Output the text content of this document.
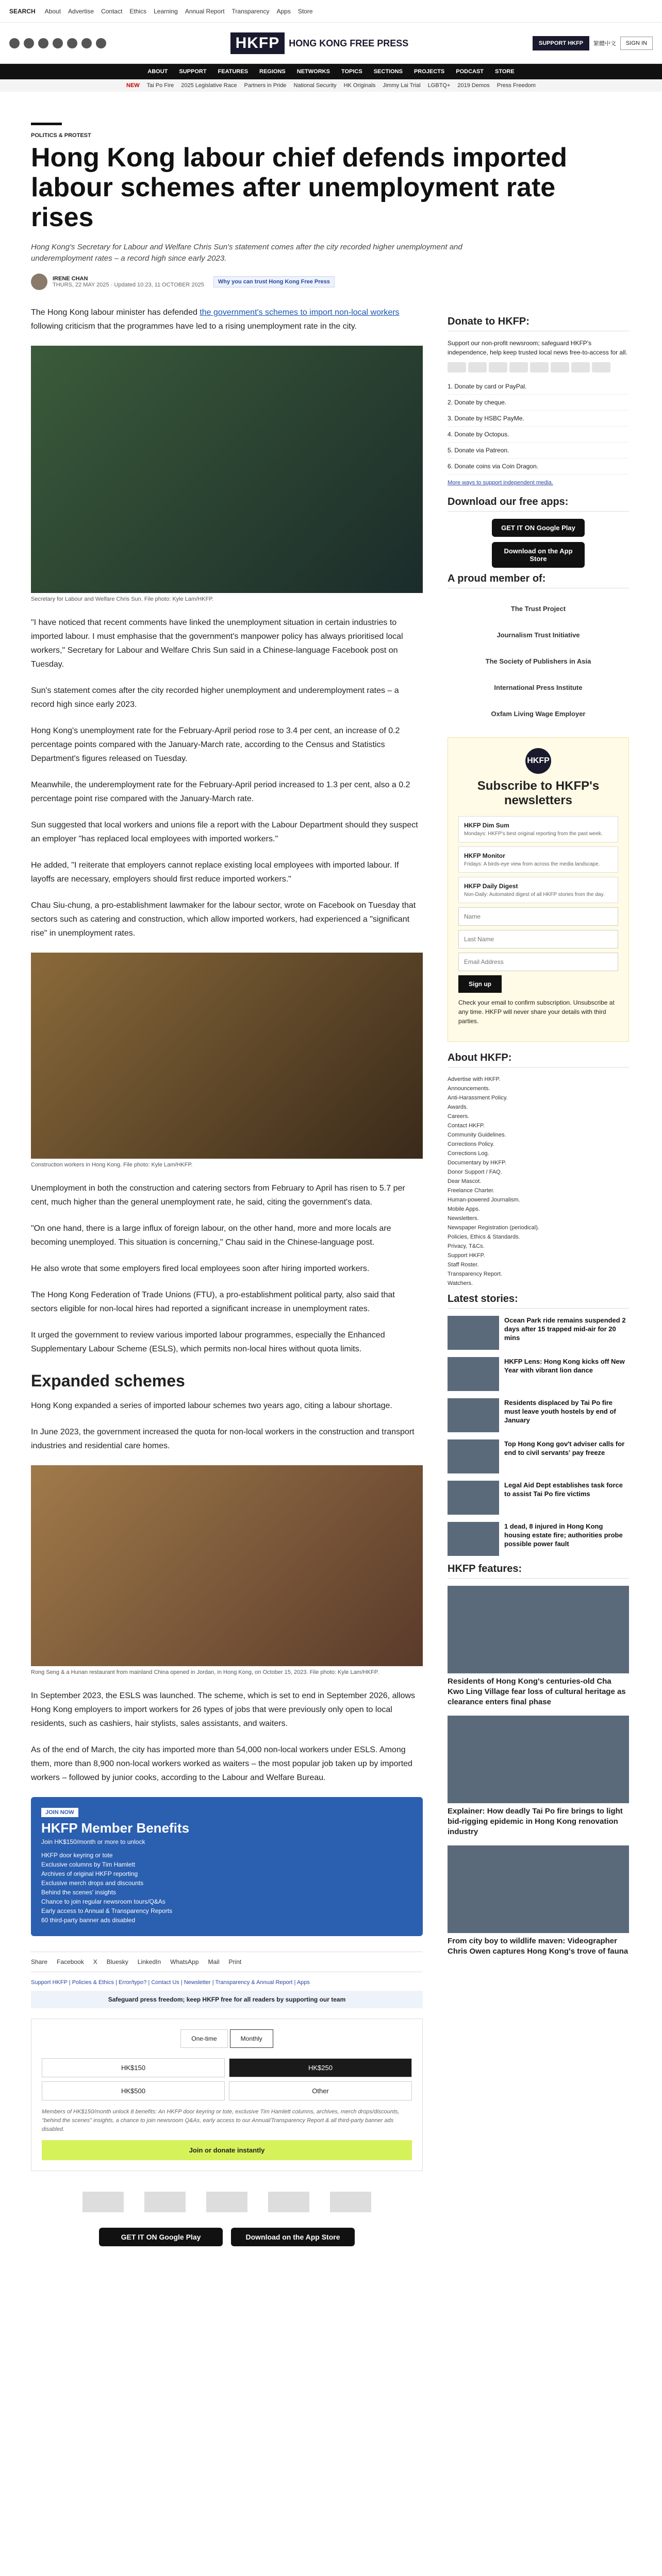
SEARCH About Advertise Contact Ethics Learning Annual Report Transparency Apps Store
HKFP	HONG KONG FREE PRESS	SUPPORT HKFP	繁體中文	SIGN IN
ABOUT SUPPORT FEATURES REGIONS NETWORKS TOPICS SECTIONS PROJECTS PODCAST STORE
NEW Tai Po Fire 2025 Legislative Race Partners in Pride National Security HK Originals Jimmy Lai Trial LGBTQ+ 2019 Demos Press Freedom
POLITICS & PROTEST
Hong Kong labour chief defends imported labour schemes after unemployment rate rises
Hong Kong's Secretary for Labour and Welfare Chris Sun's statement comes after the city recorded higher unemployment and underemployment rates – a record high since early 2023.
IRENE CHAN
THURS, 22 MAY 2025 · Updated 10:23, 11 OCTOBER 2025	Why you can trust Hong Kong Free Press

The Hong Kong labour minister has defended the government's schemes to import non-local workers following criticism that the programmes have led to a rising unemployment rate in the city.

Secretary for Labour and Welfare Chris Sun. File photo: Kyle Lam/HKFP.

"I have noticed that recent comments have linked the unemployment situation in certain industries to imported labour. I must emphasise that the government's manpower policy has always prioritised local workers," Secretary for Labour and Welfare Chris Sun said in a Chinese-language Facebook post on Tuesday.

Sun's statement comes after the city recorded higher unemployment and underemployment rates – a record high since early 2023.

Hong Kong's unemployment rate for the February-April period rose to 3.4 per cent, an increase of 0.2 percentage points compared with the January-March rate, according to the Census and Statistics Department's figures released on Tuesday.

Meanwhile, the underemployment rate for the February-April period increased to 1.3 per cent, also a 0.2 percentage point rise compared with the January-March rate.

Sun suggested that local workers and unions file a report with the Labour Department should they suspect an employer "has replaced local employees with imported workers."

He added, "I reiterate that employers cannot replace existing local employees with imported labour. If layoffs are necessary, employers should first reduce imported workers."

Chau Siu-chung, a pro-establishment lawmaker for the labour sector, wrote on Facebook on Tuesday that sectors such as catering and construction, which allow imported workers, had experienced a "significant rise" in unemployment rates.

Construction workers in Hong Kong. File photo: Kyle Lam/HKFP.

Unemployment in both the construction and catering sectors from February to April has risen to 5.7 per cent, much higher than the general unemployment rate, he said, citing the government's data.

"On one hand, there is a large influx of foreign labour, on the other hand, more and more locals are becoming unemployed. This situation is concerning," Chau said in the Chinese-language post.

He also wrote that some employers fired local employees soon after hiring imported workers.

The Hong Kong Federation of Trade Unions (FTU), a pro-establishment political party, also said that sectors eligible for non-local hires had reported a significant increase in unemployment rates.

It urged the government to review various imported labour programmes, especially the Enhanced Supplementary Labour Scheme (ESLS), which permits non-local hires without quota limits.

Expanded schemes

Hong Kong expanded a series of imported labour schemes two years ago, citing a labour shortage.

In June 2023, the government increased the quota for non-local workers in the construction and transport industries and residential care homes.

Rong Seng & a Hunan restaurant from mainland China opened in Jordan, in Hong Kong, on October 15, 2023. File photo: Kyle Lam/HKFP.

In September 2023, the ESLS was launched. The scheme, which is set to end in September 2026, allows Hong Kong employers to import workers for 26 types of jobs that were previously only open to local residents, such as cashiers, hair stylists, sales assistants, and waiters.

As of the end of March, the city has imported more than 54,000 non-local workers under ESLS. Among them, more than 8,900 non-local workers worked as waiters – the most popular job taken up by imported workers – followed by junior cooks, according to the Labour and Welfare Bureau.

JOIN NOW
HKFP Member Benefits
Join HK$150/month or more to unlock
HKFP door keyring or tote
Exclusive columns by Tim Hamlett
Archives of original HKFP reporting
Exclusive merch drops and discounts
Behind the scenes' insights
Chance to join regular newsroom tours/Q&As
Early access to Annual & Transparency Reports
60 third-party banner ads disabled
Share Facebook X Bluesky LinkedIn WhatsApp Mail Print
Support HKFP | Policies & Ethics | Error/typo? | Contact Us | Newsletter | Transparency & Annual Report | Apps
Safeguard press freedom; keep HKFP free for all readers by supporting our team
One-time	Monthly
HK$150	HK$250
HK$500	Other
Members of HK$150/month unlock 8 benefits: An HKFP door keyring or tote, exclusive Tim Hamlett columns, archives, merch drops/discounts, "behind the scenes" insights, a chance to join newsroom Q&As, early access to our Annual/Transparency Report & all third-party banner ads disabled.
Join or donate instantly
GET IT ON Google Play	Download on the App Store
Donate to HKFP:

Support our non-profit newsroom; safeguard HKFP's independence, help keep trusted local news free-to-access for all.

1. Donate by card or PayPal.
2. Donate by cheque.
3. Donate by HSBC PayMe.
4. Donate by Octopus.
5. Donate via Patreon.
6. Donate coins via Coin Dragon.
More ways to support independent media.
Download our free apps:
GET IT ON Google Play
Download on the App Store
A proud member of:
The Trust Project
Journalism Trust Initiative
The Society of Publishers in Asia
International Press Institute
Oxfam Living Wage Employer
HKFP
Subscribe to HKFP's newsletters
HKFP Dim Sum
Mondays: HKFP's best original reporting from the past week.
HKFP Monitor
Fridays: A birds-eye view from across the media landscape.
HKFP Daily Digest
Non-Daily: Automated digest of all HKFP stories from the day.
Name Last Name Email Address Sign up

Check your email to confirm subscription. Unsubscribe at any time. HKFP will never share your details with third parties.

About HKFP:
Advertise with HKFP.
Announcements.
Anti-Harassment Policy.
Awards.
Careers.
Contact HKFP.
Community Guidelines.
Corrections Policy.
Corrections Log.
Documentary by HKFP.
Donor Support / FAQ.
Dear Mascot.
Freelance Charter.
Human-powered Journalism.
Mobile Apps.
Newsletters.
Newspaper Registration (periodical).
Policies, Ethics & Standards.
Privacy, T&Cs.
Support HKFP.
Staff Roster.
Transparency Report.
Watchers.
Latest stories:
Ocean Park ride remains suspended 2 days after 15 trapped mid-air for 20 mins
HKFP Lens: Hong Kong kicks off New Year with vibrant lion dance
Residents displaced by Tai Po fire must leave youth hostels by end of January
Top Hong Kong gov't adviser calls for end to civil servants' pay freeze
Legal Aid Dept establishes task force to assist Tai Po fire victims
1 dead, 8 injured in Hong Kong housing estate fire; authorities probe possible power fault
HKFP features:
Residents of Hong Kong's centuries-old Cha Kwo Ling Village fear loss of cultural heritage as clearance enters final phase
Explainer: How deadly Tai Po fire brings to light bid-rigging epidemic in Hong Kong renovation industry
From city boy to wildlife maven: Videographer Chris Owen captures Hong Kong's trove of fauna
